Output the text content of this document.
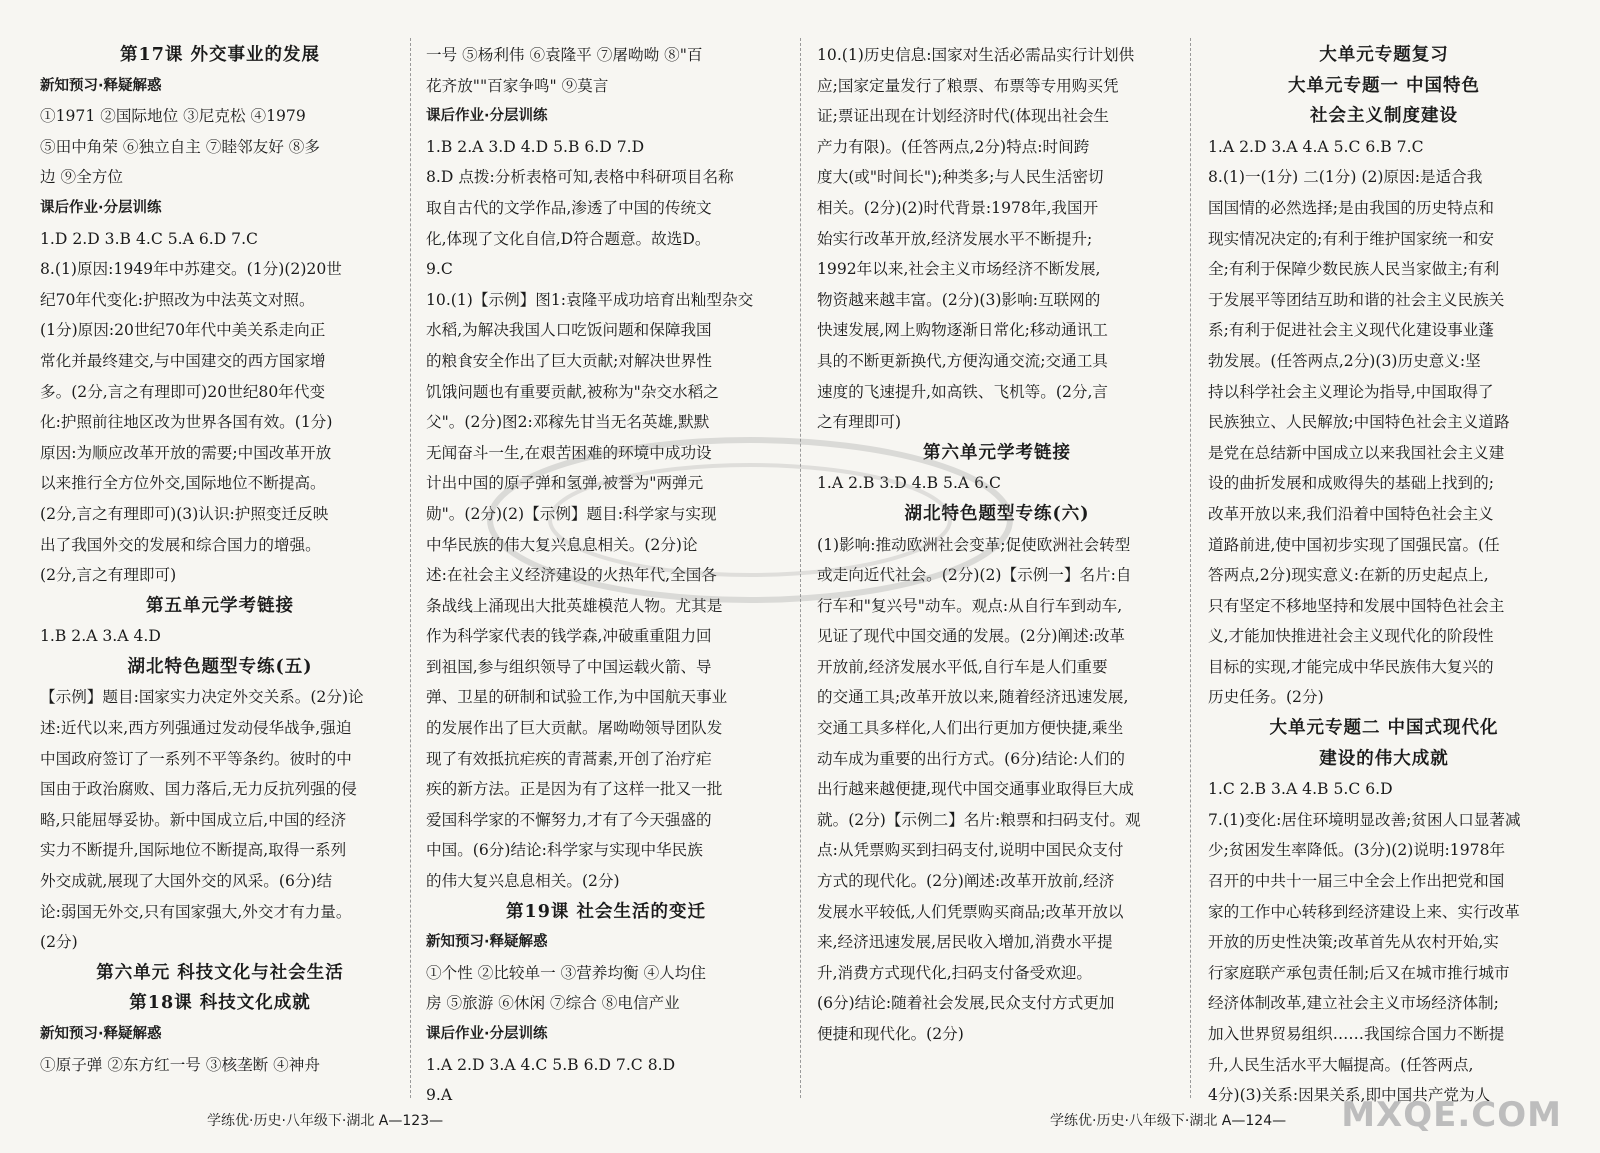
第17课 外交事业的发展
新知预习·释疑解惑
①1971 ②国际地位 ③尼克松 ④1979
⑤田中角荣 ⑥独立自主 ⑦睦邻友好 ⑧多
边 ⑨全方位
课后作业·分层训练
1.D 2.D 3.B 4.C 5.A 6.D 7.C
8.(1)原因:1949年中苏建交。(1分)(2)20世
纪70年代变化:护照改为中法英文对照。
(1分)原因:20世纪70年代中美关系走向正
常化并最终建交,与中国建交的西方国家增
多。(2分,言之有理即可)20世纪80年代变
化:护照前往地区改为世界各国有效。(1分)
原因:为顺应改革开放的需要;中国改革开放
以来推行全方位外交,国际地位不断提高。
(2分,言之有理即可)(3)认识:护照变迁反映
出了我国外交的发展和综合国力的增强。
(2分,言之有理即可)
第五单元学考链接
1.B 2.A 3.A 4.D
湖北特色题型专练(五)
【示例】题目:国家实力决定外交关系。(2分)论
述:近代以来,西方列强通过发动侵华战争,强迫
中国政府签订了一系列不平等条约。彼时的中
国由于政治腐败、国力落后,无力反抗列强的侵
略,只能屈辱妥协。新中国成立后,中国的经济
实力不断提升,国际地位不断提高,取得一系列
外交成就,展现了大国外交的风采。(6分)结
论:弱国无外交,只有国家强大,外交才有力量。
(2分)
第六单元 科技文化与社会生活
第18课 科技文化成就
新知预习·释疑解惑
①原子弹 ②东方红一号 ③核垄断 ④神舟
一号 ⑤杨利伟 ⑥袁隆平 ⑦屠呦呦 ⑧"百
花齐放""百家争鸣" ⑨莫言
课后作业·分层训练
1.B 2.A 3.D 4.D 5.B 6.D 7.D
8.D 点拨:分析表格可知,表格中科研项目名称
取自古代的文学作品,渗透了中国的传统文
化,体现了文化自信,D符合题意。故选D。
9.C
10.(1)【示例】图1:袁隆平成功培育出籼型杂交
水稻,为解决我国人口吃饭问题和保障我国
的粮食安全作出了巨大贡献;对解决世界性
饥饿问题也有重要贡献,被称为"杂交水稻之
父"。(2分)图2:邓稼先甘当无名英雄,默默
无闻奋斗一生,在艰苦困难的环境中成功设
计出中国的原子弹和氢弹,被誉为"两弹元
勋"。(2分)(2)【示例】题目:科学家与实现
中华民族的伟大复兴息息相关。(2分)论
述:在社会主义经济建设的火热年代,全国各
条战线上涌现出大批英雄模范人物。尤其是
作为科学家代表的钱学森,冲破重重阻力回
到祖国,参与组织领导了中国运载火箭、导
弹、卫星的研制和试验工作,为中国航天事业
的发展作出了巨大贡献。屠呦呦领导团队发
现了有效抵抗疟疾的青蒿素,开创了治疗疟
疾的新方法。正是因为有了这样一批又一批
爱国科学家的不懈努力,才有了今天强盛的
中国。(6分)结论:科学家与实现中华民族
的伟大复兴息息相关。(2分)
第19课 社会生活的变迁
新知预习·释疑解惑
①个性 ②比较单一 ③营养均衡 ④人均住
房 ⑤旅游 ⑥休闲 ⑦综合 ⑧电信产业
课后作业·分层训练
1.A 2.D 3.A 4.C 5.B 6.D 7.C 8.D
9.A
10.(1)历史信息:国家对生活必需品实行计划供
应;国家定量发行了粮票、布票等专用购买凭
证;票证出现在计划经济时代(体现出社会生
产力有限)。(任答两点,2分)特点:时间跨
度大(或"时间长");种类多;与人民生活密切
相关。(2分)(2)时代背景:1978年,我国开
始实行改革开放,经济发展水平不断提升;
1992年以来,社会主义市场经济不断发展,
物资越来越丰富。(2分)(3)影响:互联网的
快速发展,网上购物逐渐日常化;移动通讯工
具的不断更新换代,方便沟通交流;交通工具
速度的飞速提升,如高铁、飞机等。(2分,言
之有理即可)
第六单元学考链接
1.A 2.B 3.D 4.B 5.A 6.C
湖北特色题型专练(六)
(1)影响:推动欧洲社会变革;促使欧洲社会转型
或走向近代社会。(2分)(2)【示例一】名片:自
行车和"复兴号"动车。观点:从自行车到动车,
见证了现代中国交通的发展。(2分)阐述:改革
开放前,经济发展水平低,自行车是人们重要
的交通工具;改革开放以来,随着经济迅速发展,
交通工具多样化,人们出行更加方便快捷,乘坐
动车成为重要的出行方式。(6分)结论:人们的
出行越来越便捷,现代中国交通事业取得巨大成
就。(2分)【示例二】名片:粮票和扫码支付。观
点:从凭票购买到扫码支付,说明中国民众支付
方式的现代化。(2分)阐述:改革开放前,经济
发展水平较低,人们凭票购买商品;改革开放以
来,经济迅速发展,居民收入增加,消费水平提
升,消费方式现代化,扫码支付备受欢迎。
(6分)结论:随着社会发展,民众支付方式更加
便捷和现代化。(2分)
大单元专题复习
大单元专题一 中国特色
社会主义制度建设
1.A 2.D 3.A 4.A 5.C 6.B 7.C
8.(1)一(1分) 二(1分) (2)原因:是适合我
国国情的必然选择;是由我国的历史特点和
现实情况决定的;有利于维护国家统一和安
全;有利于保障少数民族人民当家做主;有利
于发展平等团结互助和谐的社会主义民族关
系;有利于促进社会主义现代化建设事业蓬
勃发展。(任答两点,2分)(3)历史意义:坚
持以科学社会主义理论为指导,中国取得了
民族独立、人民解放;中国特色社会主义道路
是党在总结新中国成立以来我国社会主义建
设的曲折发展和成败得失的基础上找到的;
改革开放以来,我们沿着中国特色社会主义
道路前进,使中国初步实现了国强民富。(任
答两点,2分)现实意义:在新的历史起点上,
只有坚定不移地坚持和发展中国特色社会主
义,才能加快推进社会主义现代化的阶段性
目标的实现,才能完成中华民族伟大复兴的
历史任务。(2分)
大单元专题二 中国式现代化
建设的伟大成就
1.C 2.B 3.A 4.B 5.C 6.D
7.(1)变化:居住环境明显改善;贫困人口显著减
少;贫困发生率降低。(3分)(2)说明:1978年
召开的中共十一届三中全会上作出把党和国
家的工作中心转移到经济建设上来、实行改革
开放的历史性决策;改革首先从农村开始,实
行家庭联产承包责任制;后又在城市推行城市
经济体制改革,建立社会主义市场经济体制;
加入世界贸易组织……我国综合国力不断提
升,人民生活水平大幅提高。(任答两点,
4分)(3)关系:因果关系,即中国共产党为人
学练优·历史·八年级下·湖北 A—123—	学练优·历史·八年级下·湖北 A—124— MXQE.COM
